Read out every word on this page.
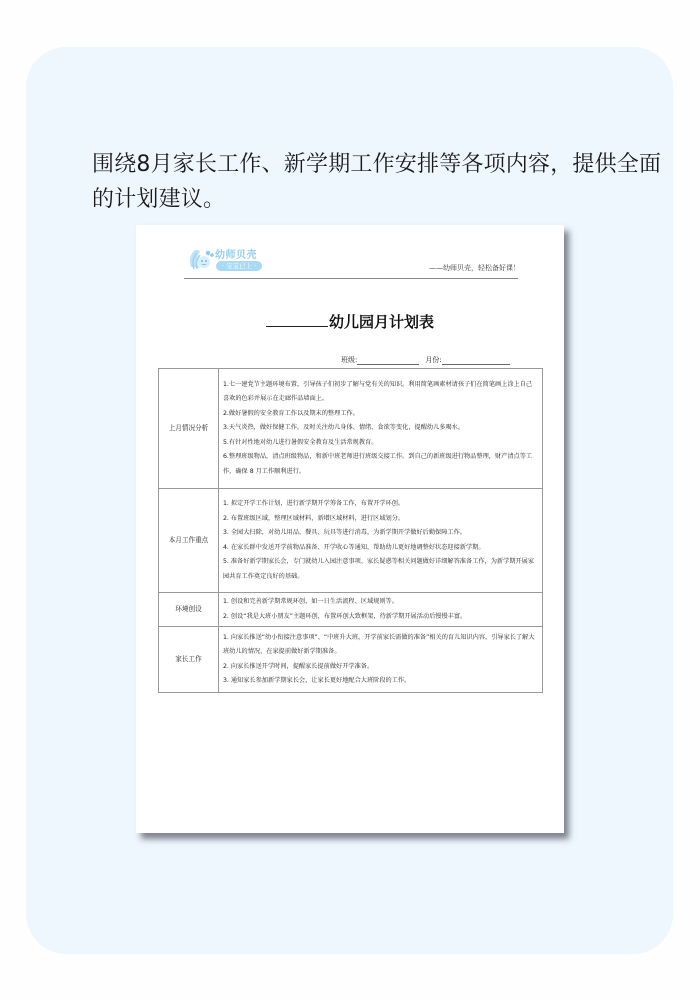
围绕8月家长工作、新学期工作安排等各项内容，提供全面的计划建议。
幼师贝壳
· 宝宝已上 ·	——幼师贝壳，轻松备好课！
幼儿园月计划表
班级:	月份:
上月情况分析	1.七一建党节主题环境布置，引导孩子们初步了解与党有关的知识。利用简笔画素材请孩子们在简笔画上涂上自己喜欢的色彩并展示在走廊作品墙面上。
2.做好暑假的安全教育工作以及期末的整理工作。
3.天气炎热，做好保健工作，及时关注幼儿身体、情绪、食欲等变化，提醒幼儿多喝水。
5.有针对性地对幼儿进行暑假安全教育及生活常规教育。
6.整理班级物品，清点班级物品，和新中班老师进行班级交接工作。到自己的新班级进行物品整理，财产清点等工作，确保 8 月工作顺利进行。

本月工作重点	1. 拟定开学工作计划，进行新学期开学筹备工作，布置开学环创。
2. 布置班级区域，整理区域材料，新增区域材料，进行区域划分。
3. 全园大扫除，对幼儿用品、餐具、玩具等进行消毒，为新学期开学做好后勤保障工作。
4. 在家长群中发送开学前物品准备、开学收心等通知，帮助幼儿更好地调整好状态迎接新学期。
5. 准备好新学期家长会，专门就幼儿入园注意事项、家长疑惑等相关问题做好详细解答准备工作，为新学期开展家园共育工作奠定良好的基础。

环境创设	1. 创设和完善新学期常规环创，如一日生活流程、区域规则等。
2. 创设“我是大班小朋友”主题环创，布置环创大致框架，待新学期开展活动后慢慢丰富。

家长工作	1. 向家长推送“幼小衔接注意事项”、“中班升大班，开学前家长需做的准备”相关的育儿知识内容，引导家长了解大班幼儿的情况，在家提前做好新学期准备。
2. 向家长推送开学时间，提醒家长提前做好开学准备。
3. 通知家长参加新学期家长会，让家长更好地配合大班阶段的工作。
